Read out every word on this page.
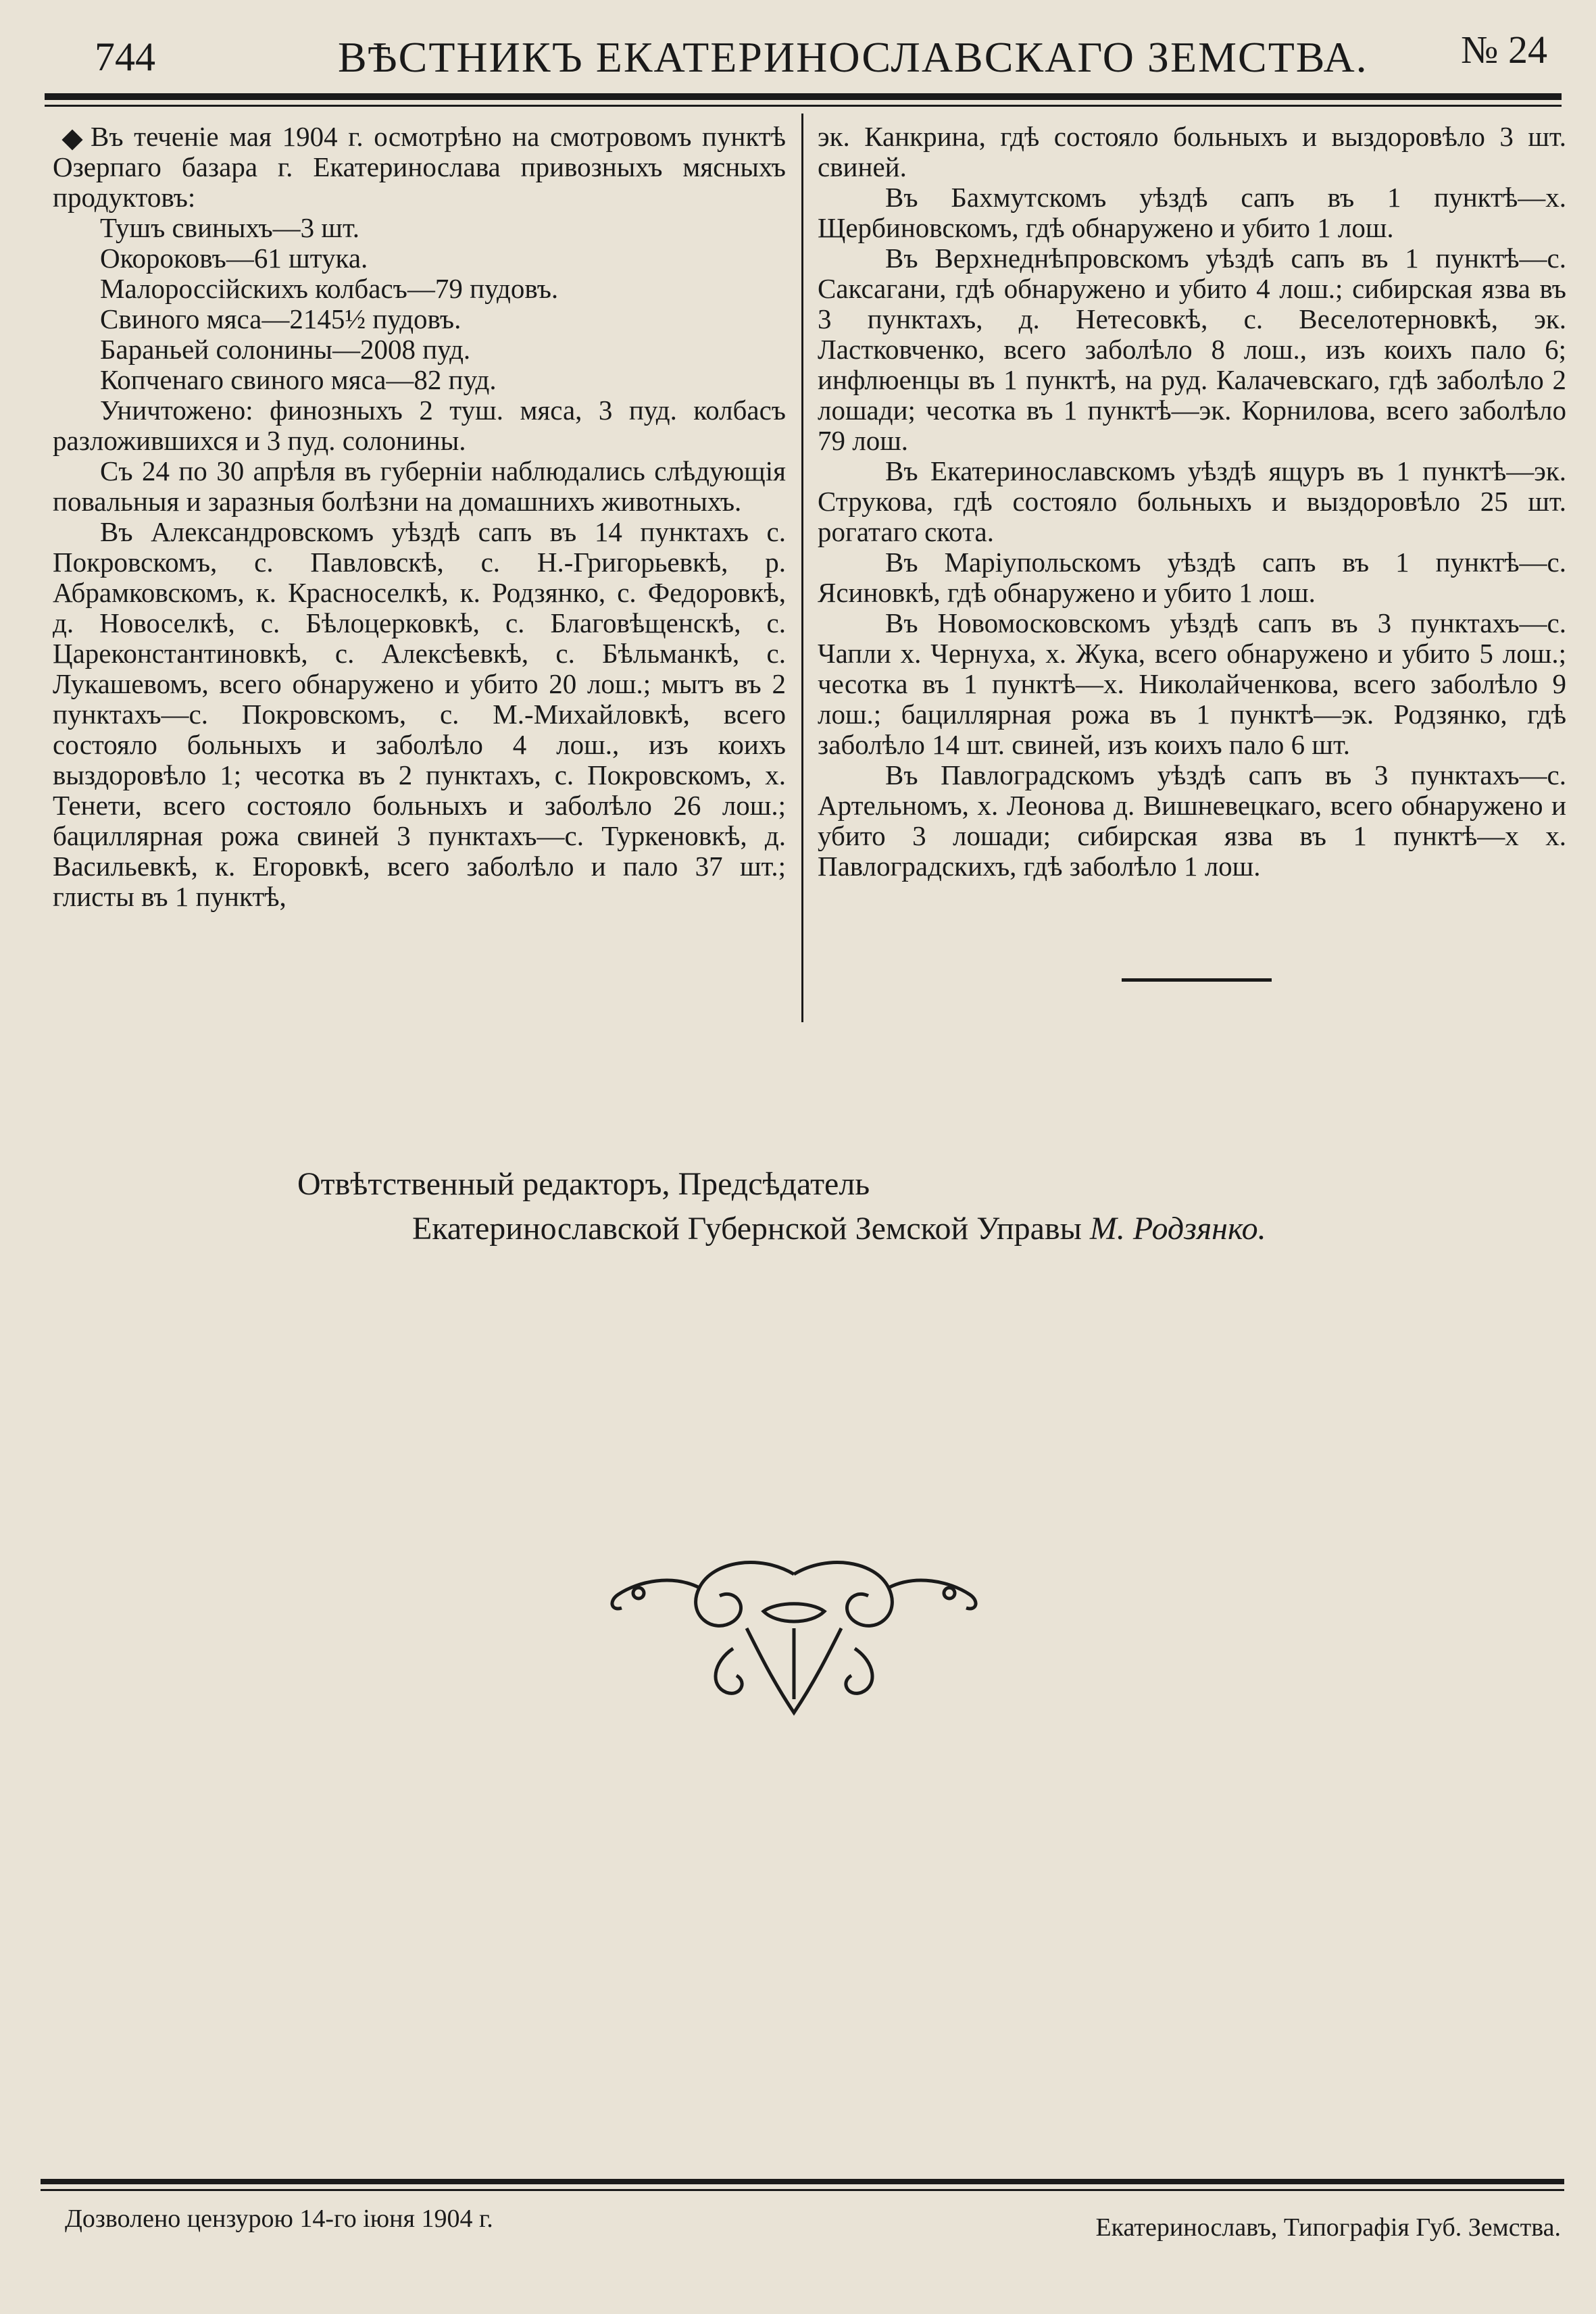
744	ВѢСТНИКЪ ЕКАТЕРИНОСЛАВСКАГО ЗЕМСТВА. № 24

Въ теченіе мая 1904 г. осмотрѣно на смотровомъ пунктѣ Озерпаго базара г. Екатеринослава привозныхъ мясныхъ продуктовъ:

Тушъ свиныхъ—3 шт.

Окороковъ—61 штука.

Малороссійскихъ колбасъ—79 пудовъ.

Свиного мяса—2145½ пудовъ.

Бараньей солонины—2008 пуд.

Копченаго свиного мяса—82 пуд.

Уничтожено: финозныхъ 2 туш. мяса, 3 пуд. колбасъ разложившихся и 3 пуд. солонины.

Съ 24 по 30 апрѣля въ губерніи наблюдались слѣдующія повальныя и заразныя болѣзни на домашнихъ животныхъ.

Въ Александровскомъ уѣздѣ сапъ въ 14 пунктахъ с. Покровскомъ, с. Павловскѣ, с. Н.-Григорьевкѣ, р. Абрамковскомъ, к. Красноселкѣ, к. Родзянко, с. Федоровкѣ, д. Новоселкѣ, с. Бѣлоцерковкѣ, с. Благовѣщенскѣ, с. Цареконстантиновкѣ, с. Алексѣевкѣ, с. Бѣльманкѣ, с. Лукашевомъ, всего обнаружено и убито 20 лош.; мытъ въ 2 пунктахъ—с. Покровскомъ, с. М.-Михайловкѣ, всего состояло больныхъ и заболѣло 4 лош., изъ коихъ выздоровѣло 1; чесотка въ 2 пунктахъ, с. Покровскомъ, х. Тенети, всего состояло больныхъ и заболѣло 26 лош.; бациллярная рожа свиней 3 пунктахъ—с. Туркеновкѣ, д. Васильевкѣ, к. Егоровкѣ, всего заболѣло и пало 37 шт.; глисты въ 1 пунктѣ,

эк. Канкрина, гдѣ состояло больныхъ и выздоровѣло 3 шт. свиней.

Въ Бахмутскомъ уѣздѣ сапъ въ 1 пунктѣ—х. Щербиновскомъ, гдѣ обнаружено и убито 1 лош.

Въ Верхнеднѣпровскомъ уѣздѣ сапъ въ 1 пунктѣ—с. Саксагани, гдѣ обнаружено и убито 4 лош.; сибирская язва въ 3 пунктахъ, д. Нетесовкѣ, с. Веселотерновкѣ, эк. Ластковченко, всего заболѣло 8 лош., изъ коихъ пало 6; инфлюенцы въ 1 пунктѣ, на руд. Калачевскаго, гдѣ заболѣло 2 лошади; чесотка въ 1 пунктѣ—эк. Корнилова, всего заболѣло 79 лош.

Въ Екатеринославскомъ уѣздѣ ящуръ въ 1 пунктѣ—эк. Струкова, гдѣ состояло больныхъ и выздоровѣло 25 шт. рогатаго скота.

Въ Маріупольскомъ уѣздѣ сапъ въ 1 пунктѣ—с. Ясиновкѣ, гдѣ обнаружено и убито 1 лош.

Въ Новомосковскомъ уѣздѣ сапъ въ 3 пунктахъ—с. Чапли х. Чернуха, х. Жука, всего обнаружено и убито 5 лош.; чесотка въ 1 пунктѣ—х. Николайченкова, всего заболѣло 9 лош.; бациллярная рожа въ 1 пунктѣ—эк. Родзянко, гдѣ заболѣло 14 шт. свиней, изъ коихъ пало 6 шт.

Въ Павлоградскомъ уѣздѣ сапъ въ 3 пунктахъ—с. Артельномъ, х. Леонова д. Вишневецкаго, всего обнаружено и убито 3 лошади; сибирская язва въ 1 пунктѣ—х х. Павлоградскихъ, гдѣ заболѣло 1 лош.

Отвѣтственный редакторъ, Предсѣдатель
Екатеринославской Губернской Земской Управы М. Родзянко.
Дозволено цензурою 14-го іюня 1904 г.	Екатеринославъ, Типографія Губ. Земства.
